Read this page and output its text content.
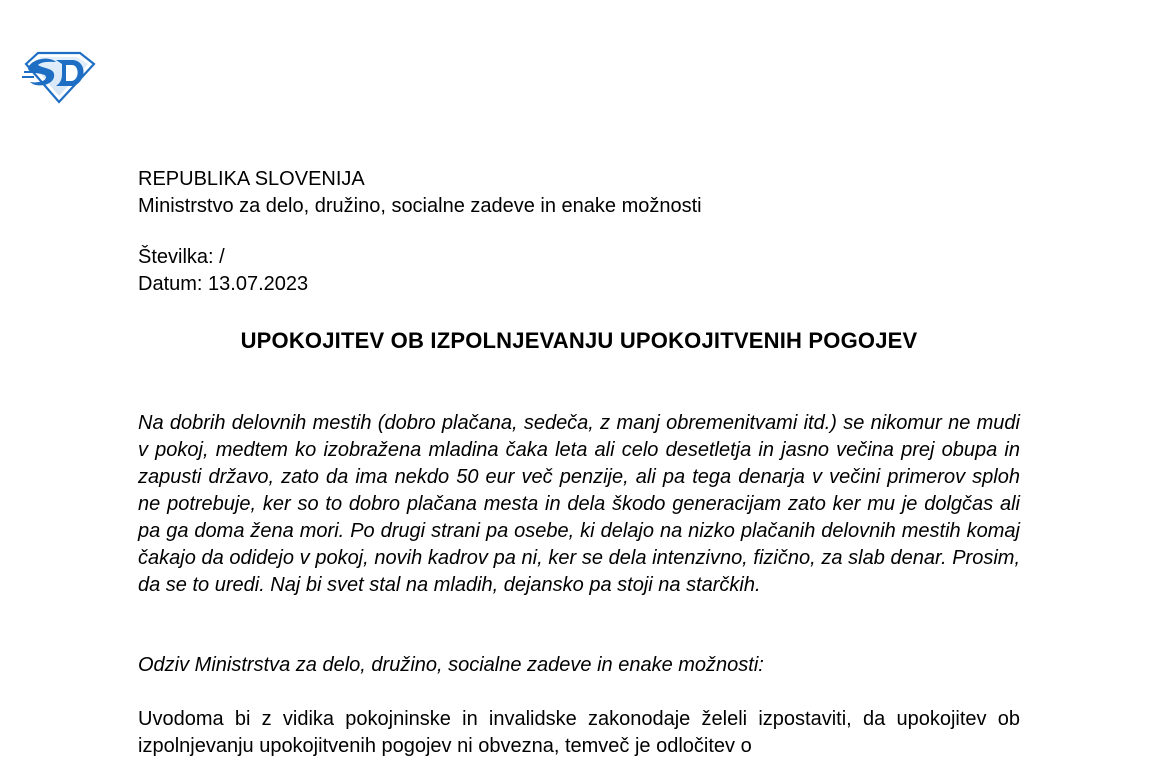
REPUBLIKA SLOVENIJA
Ministrstvo za delo, družino, socialne zadeve in enake možnosti
Številka: /
Datum: 13.07.2023
UPOKOJITEV OB IZPOLNJEVANJU UPOKOJITVENIH POGOJEV
Na dobrih delovnih mestih (dobro plačana, sedeča, z manj obremenitvami itd.) se nikomur ne mudi v pokoj, medtem ko izobražena mladina čaka leta ali celo desetletja in jasno večina prej obupa in zapusti državo, zato da ima nekdo 50 eur več penzije, ali pa tega denarja v večini primerov sploh ne potrebuje, ker so to dobro plačana mesta in dela škodo generacijam zato ker mu je dolgčas ali pa ga doma žena mori. Po drugi strani pa osebe, ki delajo na nizko plačanih delovnih mestih komaj čakajo da odidejo v pokoj, novih kadrov pa ni, ker se dela intenzivno, fizično, za slab denar. Prosim, da se to uredi. Naj bi svet stal na mladih, dejansko pa stoji na starčkih.
Odziv Ministrstva za delo, družino, socialne zadeve in enake možnosti:
Uvodoma bi z vidika pokojninske in invalidske zakonodaje želeli izpostaviti, da upokojitev ob izpolnjevanju upokojitvenih pogojev ni obvezna, temveč je odločitev o
